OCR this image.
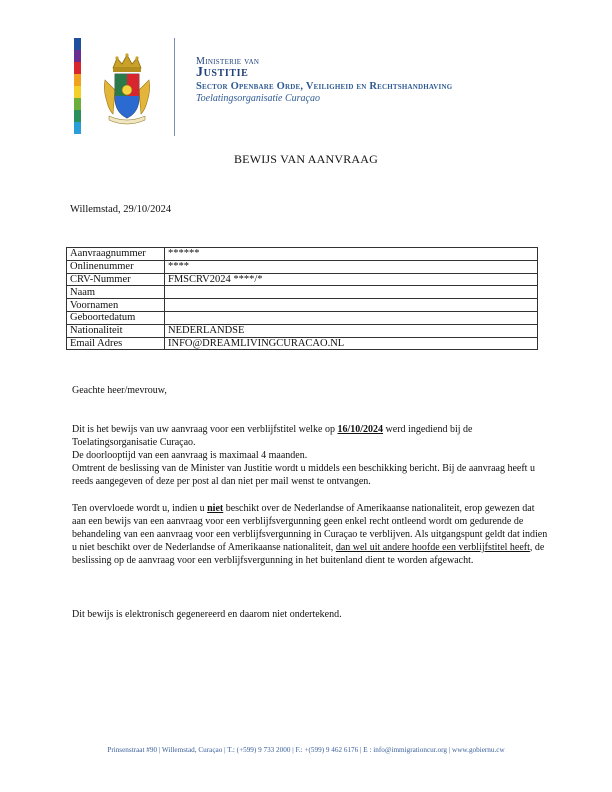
Ministerie van
Justitie
Sector Openbare Orde, Veiligheid en Rechtshandhaving
Toelatingsorganisatie Curaçao
BEWIJS VAN AANVRAAG
Willemstad, 29/10/2024
Aanvraagnummer	******
Onlinenummer	****
CRV-Nummer	FMSCRV2024 ****/*
Naam	
Voornamen	
Geboortedatum	
Nationaliteit	NEDERLANDSE
Email Adres	INFO@DREAMLIVINGCURACAO.NL
Geachte heer/mevrouw,
Dit is het bewijs van uw aanvraag voor een verblijfstitel welke op 16/10/2024 werd ingediend bij de Toelatingsorganisatie Curaçao.
De doorlooptijd van een aanvraag is maximaal 4 maanden.
Omtrent de beslissing van de Minister van Justitie wordt u middels een beschikking bericht. Bij de aanvraag heeft u reeds aangegeven of deze per post al dan niet per mail wenst te ontvangen.
Ten overvloede wordt u, indien u niet beschikt over de Nederlandse of Amerikaanse nationaliteit, erop gewezen dat aan een bewijs van een aanvraag voor een verblijfsvergunning geen enkel recht ontleend wordt om gedurende de behandeling van een aanvraag voor een verblijfsvergunning in Curaçao te verblijven. Als uitgangspunt geldt dat indien u niet beschikt over de Nederlandse of Amerikaanse nationaliteit, dan wel uit andere hoofde een verblijfstitel heeft, de beslissing op de aanvraag voor een verblijfsvergunning in het buitenland dient te worden afgewacht.
Dit bewijs is elektronisch gegenereerd en daarom niet ondertekend.
Prinsenstraat #90 | Willemstad, Curaçao | T.: (+599) 9 733 2000 | F.: +(599) 9 462 6176 | E : info@immigrationcur.org | www.gobiernu.cw
